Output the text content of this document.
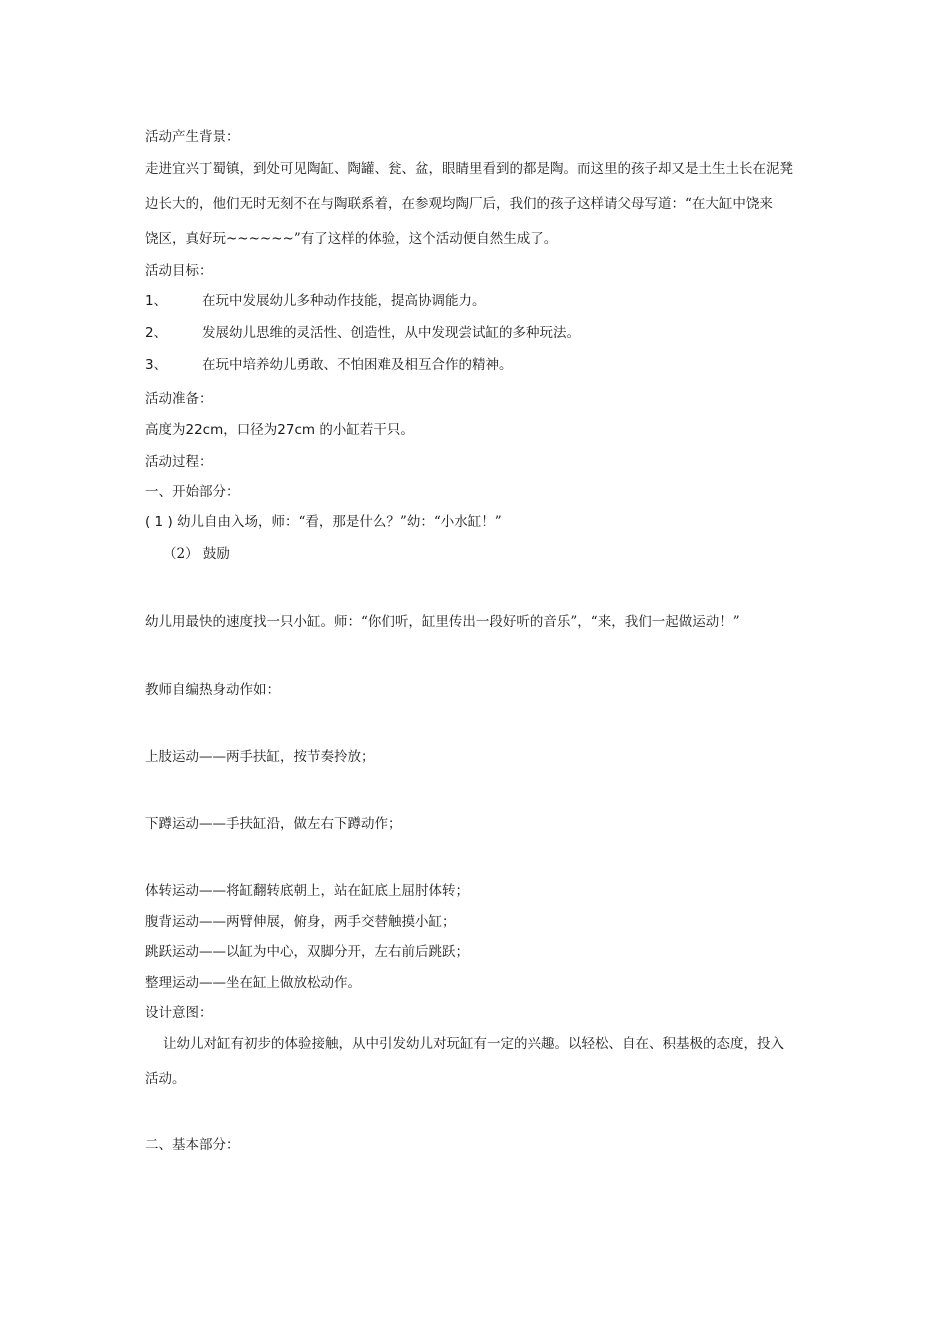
活动产生背景：
走进宜兴丁蜀镇，到处可见陶缸、陶罐、瓮、盆，眼睛里看到的都是陶。而这里的孩子却又是土生土长在泥凳
边长大的，他们无时无刻不在与陶联系着，在参观均陶厂后，我们的孩子这样请父母写道：“在大缸中饶来
饶区，真好玩~~~~~~”有了这样的体验，这个活动便自然生成了。
活动目标：
1、	在玩中发展幼儿多种动作技能，提高协调能力。
2、	发展幼儿思维的灵活性、创造性，从中发现尝试缸的多种玩法。
3、	在玩中培养幼儿勇敢、不怕困难及相互合作的精神。
活动准备：
高度为22cm，口径为27cm 的小缸若干只。
活动过程：
一、开始部分：
( 1 ) 幼儿自由入场，师：“看，那是什么？”幼：“小水缸！”
（2） 鼓励
幼儿用最快的速度找一只小缸。师：“你们听，缸里传出一段好听的音乐”，“来，我们一起做运动！”
教师自编热身动作如：
上肢运动——两手扶缸，按节奏拎放；
下蹲运动——手扶缸沿，做左右下蹲动作；
体转运动——将缸翻转底朝上，站在缸底上屈肘体转；
腹背运动——两臂伸展，俯身，两手交替触摸小缸；
跳跃运动——以缸为中心，双脚分开，左右前后跳跃；
整理运动——坐在缸上做放松动作。
设计意图：
让幼儿对缸有初步的体验接触，从中引发幼儿对玩缸有一定的兴趣。以轻松、自在、积基极的态度，投入
活动。
二、基本部分：
